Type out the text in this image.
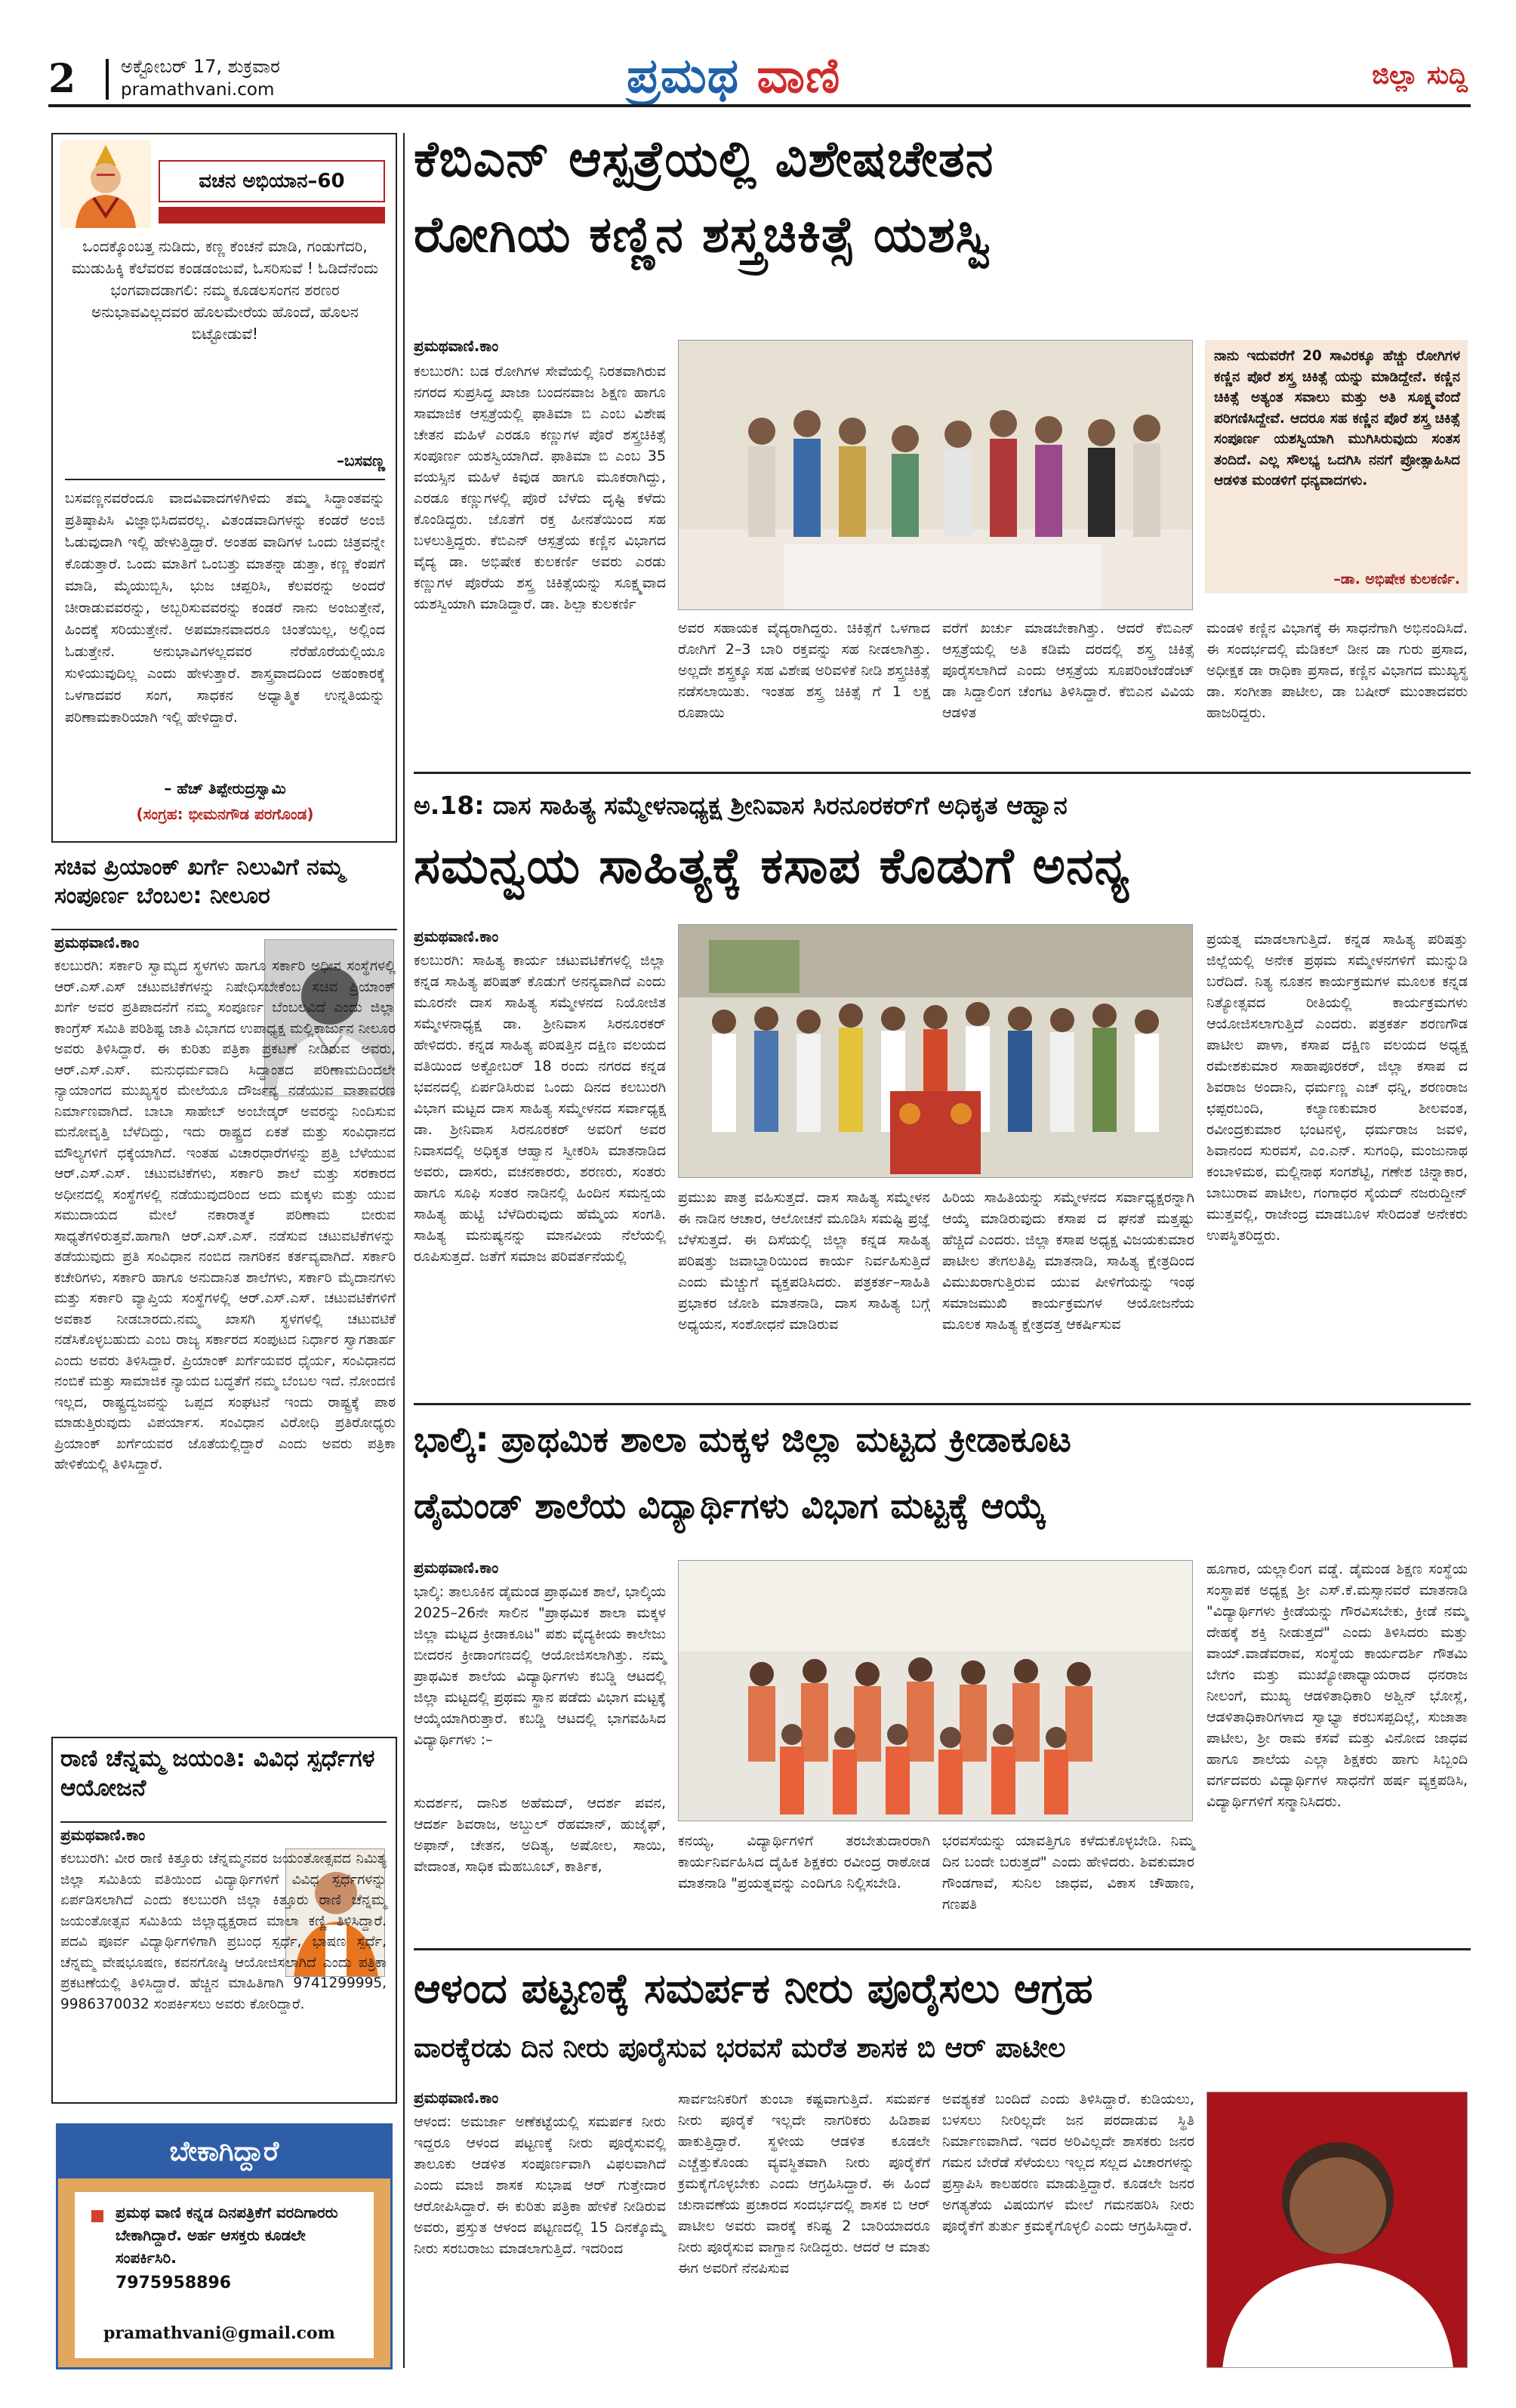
2 ಅಕ್ಟೋಬರ್ 17, ಶುಕ್ರವಾರ
pramathvani.com	ಪ್ರಮಥ ವಾಣಿ	ಜಿಲ್ಲಾ ಸುದ್ದಿ
ವಚನ ಅಭಿಯಾನ–60
ಒಂದಕ್ಕೊಂಬತ್ತ ನುಡಿದು, ಕಣ್ಣ ಕೆಂಚನೆ ಮಾಡಿ, ಗಂಡುಗೆದರಿ, ಮುಡುಹಿಕ್ಕಿ ಕೆಲೆವರವ ಕಂಡಡಂಜುವೆ, ಓಸರಿಸುವೆ ! ಓಡಿದೆನೆಂದು ಭಂಗವಾದಡಾಗಲಿ: ನಮ್ಮ ಕೂಡಲಸಂಗನ ಶರಣರ ಅನುಭಾವವಿಲ್ಲದವರ ಹೊಲಮೇರೆಯ ಹೊಂದೆ, ಹೊಲನ ಬಿಟ್ಟೋಡುವೆ!
–ಬಸವಣ್ಣ
ಬಸವಣ್ಣನವರೆಂದೂ ವಾದವಿವಾದಗಳಿಗಿಳಿದು ತಮ್ಮ ಸಿದ್ಧಾಂತವನ್ನು ಪ್ರತಿಷ್ಠಾಪಿಸಿ ವಿಜ್ಞಾಭಿಸಿದವರಲ್ಲ. ವಿತಂಡವಾದಿಗಳನ್ನು ಕಂಡರೆ ಅಂಜಿ ಓಡುವುದಾಗಿ ಇಲ್ಲಿ ಹೇಳುತ್ತಿದ್ದಾರೆ. ಅಂತಹ ವಾದಿಗಳ ಒಂದು ಚಿತ್ರವನ್ನೇ ಕೊಡುತ್ತಾರೆ. ಒಂದು ಮಾತಿಗೆ ಒಂಬತ್ತು ಮಾತನ್ನಾ ಡುತ್ತಾ, ಕಣ್ಣ ಕೆಂಪಗೆ ಮಾಡಿ, ಮೈಯುಬ್ಬಿಸಿ, ಭುಜ ಚಪ್ಪರಿಸಿ, ಕೆಲವರನ್ನು ಅಂದರೆ ಚೀರಾಡುವವರನ್ನು, ಅಬ್ಬರಿಸುವವರನ್ನು ಕಂಡರೆ ನಾನು ಅಂಜುತ್ತೇನೆ, ಹಿಂದಕ್ಕೆ ಸರಿಯುತ್ತೇನೆ. ಅಪಮಾನವಾದರೂ ಚಿಂತೆಯಿಲ್ಲ, ಅಲ್ಲಿಂದ ಓಡುತ್ತೇನೆ. ಅನುಭಾವಿಗಳಲ್ಲದವರ ನೆರೆಹೊರೆಯಲ್ಲಿಯೂ ಸುಳಿಯುವುದಿಲ್ಲ ಎಂದು ಹೇಳುತ್ತಾರೆ. ಶಾಸ್ತ್ರವಾದದಿಂದ ಅಹಂಕಾರಕ್ಕೆ ಒಳಗಾದವರ ಸಂಗ, ಸಾಧಕನ ಅಧ್ಯಾತ್ಮಿಕ ಉನ್ನತಿಯನ್ನು ಪರಿಣಾಮಕಾರಿಯಾಗಿ ಇಲ್ಲಿ ಹೇಳಿದ್ದಾರೆ.
– ಹೆಚ್ ತಿಪ್ಪೇರುದ್ರಸ್ವಾಮಿ
(ಸಂಗ್ರಹ: ಭೀಮನಗೌಡ ಪರಗೊಂಡ)
ಸಚಿವ ಪ್ರಿಯಾಂಕ್ ಖರ್ಗೆ ನಿಲುವಿಗೆ ನಮ್ಮ ಸಂಪೂರ್ಣ ಬೆಂಬಲ: ನೀಲೂರ
ಪ್ರಮಥವಾಣಿ.ಕಾಂ
ಕಲಬುರಗಿ: ಸರ್ಕಾರಿ ಸ್ವಾಮ್ಯದ ಸ್ಥಳಗಳು ಹಾಗೂ ಸರ್ಕಾರಿ ಅಧೀನ ಸಂಸ್ಥೆಗಳಲ್ಲಿ ಆರ್.ಎಸ್.ಎಸ್ ಚಟುವಟಿಕೆಗಳನ್ನು ನಿಷೇಧಿಸಬೇಕೆಂಬ ಸಚಿವ ಪ್ರಿಯಾಂಕ್ ಖರ್ಗೆ ಅವರ ಪ್ರತಿಪಾದನೆಗೆ ನಮ್ಮ ಸಂಪೂರ್ಣ ಬೆಂಬಲವಿದೆ ಎಂದು ಜಿಲ್ಲಾ ಕಾಂಗ್ರೆಸ್ ಸಮಿತಿ ಪರಿಶಿಷ್ಟ ಜಾತಿ ವಿಭಾಗದ ಉಪಾಧ್ಯಕ್ಷ ಮಲ್ಲಿಕಾರ್ಜುನ ನೀಲೂರ ಅವರು ತಿಳಿಸಿದ್ದಾರೆ. ಈ ಕುರಿತು ಪತ್ರಿಕಾ ಪ್ರಕಟಣೆ ನೀಡಿರುವ ಅವರು, ಆರ್.ಎಸ್.ಎಸ್. ಮನುಧರ್ಮವಾದಿ ಸಿದ್ಧಾಂತದ ಪರಿಣಾಮದಿಂದಲೇ ನ್ಯಾಯಾಂಗದ ಮುಖ್ಯಸ್ಥರ ಮೇಲೆಯೂ ದೌರ್ಜನ್ಯ ನಡೆಯುವ ವಾತಾವರಣ ನಿರ್ಮಾಣವಾಗಿದೆ. ಬಾಬಾ ಸಾಹೇಬ್ ಅಂಬೇಡ್ಕರ್ ಅವರನ್ನು ನಿಂದಿಸುವ ಮನೋವೃತ್ತಿ ಬೆಳೆದಿದ್ದು, ಇದು ರಾಷ್ಟ್ರದ ಏಕತೆ ಮತ್ತು ಸಂವಿಧಾನದ ಮೌಲ್ಯಗಳಿಗೆ ಧಕ್ಕೆಯಾಗಿದೆ. ಇಂತಹ ವಿಚಾರಧಾರೆಗಳನ್ನು ಪ್ರತ್ತಿ ಬೆಳೆಯುವ ಆರ್.ಎಸ್.ಎಸ್. ಚಟುವಟಿಕೆಗಳು, ಸರ್ಕಾರಿ ಶಾಲೆ ಮತ್ತು ಸರಕಾರದ ಅಧೀನದಲ್ಲಿ ಸಂಸ್ಥೆಗಳಲ್ಲಿ ನಡೆಯುವುದರಿಂದ ಅದು ಮಕ್ಕಳು ಮತ್ತು ಯುವ ಸಮುದಾಯದ ಮೇಲೆ ನಕಾರಾತ್ಮಕ ಪರಿಣಾಮ ಬೀರುವ ಸಾಧ್ಯತೆಗಳಿರುತ್ತವೆ.ಹಾಗಾಗಿ ಆರ್.ಎಸ್.ಎಸ್. ನಡೆಸುವ ಚಟುವಟಿಕೆಗಳನ್ನು ತಡೆಯುವುದು ಪ್ರತಿ ಸಂವಿಧಾನ ನಂಬಿದ ನಾಗರಿಕನ ಕರ್ತವ್ಯವಾಗಿದೆ. ಸರ್ಕಾರಿ ಕಚೇರಿಗಳು, ಸರ್ಕಾರಿ ಹಾಗೂ ಅನುದಾನಿತ ಶಾಲೆಗಳು, ಸರ್ಕಾರಿ ಮೈದಾನಗಳು ಮತ್ತು ಸರ್ಕಾರಿ ವ್ಯಾಪ್ತಿಯ ಸಂಸ್ಥೆಗಳಲ್ಲಿ ಆರ್.ಎಸ್.ಎಸ್. ಚಟುವಟಿಕೆಗಳಿಗೆ ಅವಕಾಶ ನೀಡಬಾರದು.ನಮ್ಮ ಖಾಸಗಿ ಸ್ಥಳಗಳಲ್ಲಿ ಚಟುವಟಿಕೆ ನಡೆಸಿಕೊಳ್ಳಬಹುದು ಎಂಬ ರಾಜ್ಯ ಸರ್ಕಾರದ ಸಂಪುಟದ ನಿರ್ಧಾರ ಸ್ವಾಗತಾರ್ಹ ಎಂದು ಅವರು ತಿಳಿಸಿದ್ದಾರೆ. ಪ್ರಿಯಾಂಕ್ ಖರ್ಗೆಯವರ ಧೈರ್ಯ, ಸಂವಿಧಾನದ ನಂಬಿಕೆ ಮತ್ತು ಸಾಮಾಜಿಕ ನ್ಯಾಯದ ಬದ್ಧತೆಗೆ ನಮ್ಮ ಬೆಂಬಲ ಇದೆ. ನೋಂದಣಿ ಇಲ್ಲದ, ರಾಷ್ಟ್ರದ್ವಜವನ್ನು ಒಪ್ಪದ ಸಂಘಟನೆ ಇಂದು ರಾಷ್ಟ್ರಕ್ಕೆ ಪಾಠ ಮಾಡುತ್ತಿರುವುದು ವಿಪರ್ಯಾಸ. ಸಂವಿಧಾನ ವಿರೋಧಿ ಪ್ರತಿರೋಧ್ಯರು ಪ್ರಿಯಾಂಕ್ ಖರ್ಗೆಯವರ ಜೊತೆಯಲ್ಲಿದ್ದಾರೆ ಎಂದು ಅವರು ಪತ್ರಿಕಾ ಹೇಳಿಕೆಯಲ್ಲಿ ತಿಳಿಸಿದ್ದಾರೆ.
ರಾಣಿ ಚೆನ್ನಮ್ಮ ಜಯಂತಿ: ವಿವಿಧ ಸ್ಪರ್ಧೆಗಳ ಆಯೋಜನೆ
ಪ್ರಮಥವಾಣಿ.ಕಾಂ
ಕಲಬುರಗಿ: ವೀರ ರಾಣಿ ಕಿತ್ತೂರು ಚೆನ್ನಮ್ಮನವರ ಜಯಂತೋತ್ಸವದ ನಿಮಿತ್ಯ ಜಿಲ್ಲಾ ಸಮಿತಿಯ ವತಿಯಿಂದ ವಿದ್ಯಾರ್ಥಿಗಳಿಗೆ ವಿವಿಧ ಸ್ಪರ್ಧೆಗಳನ್ನು ಏರ್ಪಡಿಸಲಾಗಿದೆ ಎಂದು ಕಲಬುರಗಿ ಜಿಲ್ಲಾ ಕಿತ್ತೂರು ರಾಣಿ ಚೆನ್ನಮ್ಮ ಜಯಂತೋತ್ಸವ ಸಮಿತಿಯ ಜಿಲ್ಲಾಧ್ಯಕ್ಷರಾದ ಮಾಲಾ ಕಣ್ಣಿ ತಿಳಿಸಿದ್ದಾರೆ. ಪದವಿ ಪೂರ್ವ ವಿದ್ಯಾರ್ಥಿಗಳಿಗಾಗಿ ಪ್ರಬಂಧ ಸ್ಪರ್ಧೆ, ಭಾಷಣ ಸ್ಪರ್ಧೆ, ಚೆನ್ನಮ್ಮ ವೇಷಭೂಷಣ, ಕವನಗೋಷ್ಠಿ ಆಯೋಜಿಸಲಾಗಿದೆ ಎಂದು ಪತ್ರಿಕಾ ಪ್ರಕಟಣೆಯಲ್ಲಿ ತಿಳಿಸಿದ್ದಾರೆ. ಹೆಚ್ಚಿನ ಮಾಹಿತಿಗಾಗಿ 9741299995, 9986370032 ಸಂಪರ್ಕಿಸಲು ಅವರು ಕೋರಿದ್ದಾರೆ.
ಬೇಕಾಗಿದ್ದಾರೆ
ಪ್ರಮಥ ವಾಣಿ ಕನ್ನಡ ದಿನಪತ್ರಿಕೆಗೆ ವರದಿಗಾರರು ಬೇಕಾಗಿದ್ದಾರೆ. ಅರ್ಹ ಆಸಕ್ತರು ಕೂಡಲೇ ಸಂಪರ್ಕಿಸಿರಿ.
7975958896
pramathvani@gmail.com
ಕೆಬಿಎನ್ ಆಸ್ಪತ್ರೆಯಲ್ಲಿ ವಿಶೇಷಚೇತನ
ರೋಗಿಯ ಕಣ್ಣಿನ ಶಸ್ತ್ರಚಿಕಿತ್ಸೆ ಯಶಸ್ವಿ
ಪ್ರಮಥವಾಣಿ.ಕಾಂ
ಕಲಬುರಗಿ: ಬಡ ರೋಗಿಗಳ ಸೇವೆಯಲ್ಲಿ ನಿರತವಾಗಿರುವ ನಗರದ ಸುಪ್ರಸಿದ್ಧ ಖಾಜಾ ಬಂದನವಾಜ ಶಿಕ್ಷಣ ಹಾಗೂ ಸಾಮಾಜಿಕ ಆಸ್ಪತ್ರೆಯಲ್ಲಿ ಫಾತಿಮಾ ಬಿ ಎಂಬ ವಿಶೇಷ ಚೇತನ ಮಹಿಳೆ ಎರಡೂ ಕಣ್ಣುಗಳ ಪೊರೆ ಶಸ್ತ್ರಚಿಕಿತ್ಸೆ ಸಂಪೂರ್ಣ ಯಶಸ್ವಿಯಾಗಿದೆ. ಫಾತಿಮಾ ಬಿ ಎಂಬ 35 ವಯಸ್ಸಿನ ಮಹಿಳೆ ಕಿವುಡ ಹಾಗೂ ಮೂಕರಾಗಿದ್ದು, ಎರಡೂ ಕಣ್ಣುಗಳಲ್ಲಿ ಪೊರೆ ಬೆಳೆದು ದೃಷ್ಟಿ ಕಳೆದು ಕೊಂಡಿದ್ದರು. ಜೊತೆಗೆ ರಕ್ತ ಹೀನತೆಯಿಂದ ಸಹ ಬಳಲುತ್ತಿದ್ದರು. ಕೆಬಿಎನ್ ಆಸ್ಪತ್ರೆಯ ಕಣ್ಣಿನ ವಿಭಾಗದ ವೈದ್ಯ ಡಾ. ಅಭಿಷೇಕ ಕುಲಕರ್ಣಿ ಅವರು ಎರಡು ಕಣ್ಣುಗಳ ಪೊರೆಯ ಶಸ್ತ್ರ ಚಿಕಿತ್ಸೆಯನ್ನು ಸೂಕ್ಷ್ಮವಾದ ಯಶಸ್ವಿಯಾಗಿ ಮಾಡಿದ್ದಾರೆ. ಡಾ. ಶಿಲ್ಪಾ ಕುಲಕರ್ಣಿ
ನಾನು ಇದುವರೆಗೆ 20 ಸಾವಿರಕ್ಕೂ ಹೆಚ್ಚು ರೋಗಿಗಳ ಕಣ್ಣಿನ ಪೊರೆ ಶಸ್ತ್ರ ಚಿಕಿತ್ಸೆ ಯನ್ನು ಮಾಡಿದ್ದೇನೆ. ಕಣ್ಣಿನ ಚಿಕಿತ್ಸೆ ಅತ್ಯಂತ ಸವಾಲು ಮತ್ತು ಅತಿ ಸೂಕ್ಷ್ಮವೆಂದೆ ಪರಿಗಣಿಸಿದ್ದೇವೆ. ಆದರೂ ಸಹ ಕಣ್ಣಿನ ಪೊರೆ ಶಸ್ತ್ರ ಚಿಕಿತ್ಸೆ ಸಂಪೂರ್ಣ ಯಶಸ್ವಿಯಾಗಿ ಮುಗಿಸಿರುವುದು ಸಂತಸ ತಂದಿದೆ. ಎಲ್ಲ ಸೌಲಭ್ಯ ಒದಗಿಸಿ ನನಗೆ ಪ್ರೋತ್ಸಾಹಿಸಿದ ಆಡಳಿತ ಮಂಡಳಿಗೆ ಧನ್ಯವಾದಗಳು.
–ಡಾ. ಅಭಿಷೇಕ ಕುಲಕರ್ಣಿ.
ಅವರ ಸಹಾಯಕ ವೈದ್ಯರಾಗಿದ್ದರು. ಚಿಕಿತ್ಸೆಗೆ ಒಳಗಾದ ರೋಗಿಗೆ 2–3 ಬಾರಿ ರಕ್ತವನ್ನು ಸಹ ನೀಡಲಾಗಿತ್ತು. ಅಲ್ಲದೇ ಶಸ್ತ್ರಕ್ಕೂ ಸಹ ವಿಶೇಷ ಅರಿವಳಿಕೆ ನೀಡಿ ಶಸ್ತ್ರಚಿಕಿತ್ಸೆ ನಡೆಸಲಾಯಿತು. ಇಂತಹ ಶಸ್ತ್ರ ಚಿಕಿತ್ಸೆ ಗೆ 1 ಲಕ್ಷ ರೂಪಾಯಿ
ವರೆಗೆ ಖರ್ಚು ಮಾಡಬೇಕಾಗಿತ್ತು. ಆದರೆ ಕೆಬಿಎನ್ ಆಸ್ಪತ್ರೆಯಲ್ಲಿ ಅತಿ ಕಡಿಮೆ ದರದಲ್ಲಿ ಶಸ್ತ್ರ ಚಿಕಿತ್ಸೆ ಪೂರೈಸಲಾಗಿದೆ ಎಂದು ಆಸ್ಪತ್ರೆಯ ಸೂಪರಿಂಟೆಂಡೆಂಟ್ ಡಾ ಸಿದ್ದಾಲಿಂಗ ಚೆಂಗಟ ತಿಳಿಸಿದ್ದಾರೆ. ಕೆಬಿಎನ ವಿವಿಯ ಆಡಳಿತ
ಮಂಡಳಿ ಕಣ್ಣಿನ ವಿಭಾಗಕ್ಕೆ ಈ ಸಾಧನೆಗಾಗಿ ಅಭಿನಂದಿಸಿದೆ. ಈ ಸಂದರ್ಭದಲ್ಲಿ ಮೆಡಿಕಲ್ ಡೀನ ಡಾ ಗುರು ಪ್ರಸಾದ, ಅಧೀಕ್ಷಕ ಡಾ ರಾಧಿಕಾ ಪ್ರಸಾದ, ಕಣ್ಣಿನ ವಿಭಾಗದ ಮುಖ್ಯಸ್ಥ ಡಾ. ಸಂಗೀತಾ ಪಾಟೀಲ, ಡಾ ಬಷೀರ್ ಮುಂತಾದವರು ಹಾಜರಿದ್ದರು.
ಅ.18: ದಾಸ ಸಾಹಿತ್ಯ ಸಮ್ಮೇಳನಾಧ್ಯಕ್ಷ ಶ್ರೀನಿವಾಸ ಸಿರನೂರಕರ್‌ಗೆ ಅಧಿಕೃತ ಆಹ್ವಾನ
ಸಮನ್ವಯ ಸಾಹಿತ್ಯಕ್ಕೆ ಕಸಾಪ ಕೊಡುಗೆ ಅನನ್ಯ
ಪ್ರಮಥವಾಣಿ.ಕಾಂ
ಕಲಬುರಗಿ: ಸಾಹಿತ್ಯ ಕಾರ್ಯ ಚಟುವಟಿಕೆಗಳಲ್ಲಿ ಜಿಲ್ಲಾ ಕನ್ನಡ ಸಾಹಿತ್ಯ ಪರಿಷತ್ ಕೊಡುಗೆ ಅನನ್ಯವಾಗಿದೆ ಎಂದು ಮೂರನೇ ದಾಸ ಸಾಹಿತ್ಯ ಸಮ್ಮೇಳನದ ನಿಯೋಜಿತ ಸಮ್ಮೇಳನಾಧ್ಯಕ್ಷ ಡಾ. ಶ್ರೀನಿವಾಸ ಸಿರನೂರಕರ್ ಹೇಳಿದರು. ಕನ್ನಡ ಸಾಹಿತ್ಯ ಪರಿಷತ್ತಿನ ದಕ್ಷಿಣ ವಲಯದ ವತಿಯಿಂದ ಅಕ್ಟೋಬರ್ 18 ರಂದು ನಗರದ ಕನ್ನಡ ಭವನದಲ್ಲಿ ಏರ್ಪಡಿಸಿರುವ ಒಂದು ದಿನದ ಕಲಬುರಗಿ ವಿಭಾಗ ಮಟ್ಟದ ದಾಸ ಸಾಹಿತ್ಯ ಸಮ್ಮೇಳನದ ಸರ್ವಾಧ್ಯಕ್ಷ ಡಾ. ಶ್ರೀನಿವಾಸ ಸಿರನೂರಕರ್ ಅವರಿಗೆ ಅವರ ನಿವಾಸದಲ್ಲಿ ಅಧಿಕೃತ ಆಹ್ವಾನ ಸ್ವೀಕರಿಸಿ ಮಾತನಾಡಿದ ಅವರು, ದಾಸರು, ವಚನಕಾರರು, ಶರಣರು, ಸಂತರು ಹಾಗೂ ಸೂಫಿ ಸಂತರ ನಾಡಿನಲ್ಲಿ ಹಿಂದಿನ ಸಮನ್ವಯ ಸಾಹಿತ್ಯ ಹುಟ್ಟಿ ಬೆಳೆದಿರುವುದು ಹೆಮ್ಮೆಯ ಸಂಗತಿ. ಸಾಹಿತ್ಯ ಮನುಷ್ಯನನ್ನು ಮಾನವೀಯ ನೆಲೆಯಲ್ಲಿ ರೂಪಿಸುತ್ತದೆ. ಜತೆಗೆ ಸಮಾಜ ಪರಿವರ್ತನೆಯಲ್ಲಿ
ಪ್ರಮುಖ ಪಾತ್ರ ವಹಿಸುತ್ತದೆ. ದಾಸ ಸಾಹಿತ್ಯ ಸಮ್ಮೇಳನ ಈ ನಾಡಿನ ಆಚಾರ, ಆಲೋಚನೆ ಮೂಡಿಸಿ ಸಮಷ್ಟಿ ಪ್ರಜ್ಞೆ ಬೆಳೆಸುತ್ತದೆ. ಈ ದಿಸೆಯಲ್ಲಿ ಜಿಲ್ಲಾ ಕನ್ನಡ ಸಾಹಿತ್ಯ ಪರಿಷತ್ತು ಜವಾಬ್ದಾರಿಯಿಂದ ಕಾರ್ಯ ನಿರ್ವಹಿಸುತ್ತಿದೆ ಎಂದು ಮೆಚ್ಚುಗೆ ವ್ಯಕ್ತಪಡಿಸಿದರು. ಪತ್ರಕರ್ತ–ಸಾಹಿತಿ ಪ್ರಭಾಕರ ಜೋಶಿ ಮಾತನಾಡಿ, ದಾಸ ಸಾಹಿತ್ಯ ಬಗ್ಗೆ ಅಧ್ಯಯನ, ಸಂಶೋಧನೆ ಮಾಡಿರುವ
ಹಿರಿಯ ಸಾಹಿತಿಯನ್ನು ಸಮ್ಮೇಳನದ ಸರ್ವಾಧ್ಯಕ್ಷರನ್ನಾಗಿ ಆಯ್ಕೆ ಮಾಡಿರುವುದು ಕಸಾಪ ದ ಘನತೆ ಮತ್ತಷ್ಟು ಹೆಚ್ಚಿದೆ ಎಂದರು. ಜಿಲ್ಲಾ ಕಸಾಪ ಅಧ್ಯಕ್ಷ ವಿಜಯಕುಮಾರ ಪಾಟೀಲ ತೇಗಲತಿಪ್ಪಿ ಮಾತನಾಡಿ, ಸಾಹಿತ್ಯ ಕ್ಷೇತ್ರದಿಂದ ವಿಮುಖರಾಗುತ್ತಿರುವ ಯುವ ಪೀಳಿಗೆಯನ್ನು ಇಂಥ ಸಮಾಜಮುಖಿ ಕಾರ್ಯಕ್ರಮಗಳ ಆಯೋಜನೆಯ ಮೂಲಕ ಸಾಹಿತ್ಯ ಕ್ಷೇತ್ರದತ್ತ ಆಕರ್ಷಿಸುವ
ಪ್ರಯತ್ನ ಮಾಡಲಾಗುತ್ತಿದೆ. ಕನ್ನಡ ಸಾಹಿತ್ಯ ಪರಿಷತ್ತು ಜಿಲ್ಲೆಯಲ್ಲಿ ಅನೇಕ ಪ್ರಥಮ ಸಮ್ಮೇಳನಗಳಿಗೆ ಮುನ್ನುಡಿ ಬರೆದಿದೆ. ನಿತ್ಯ ನೂತನ ಕಾರ್ಯಕ್ರಮಗಳ ಮೂಲಕ ಕನ್ನಡ ನಿತ್ಯೋತ್ಸವದ ರೀತಿಯಲ್ಲಿ ಕಾರ್ಯಕ್ರಮಗಳು ಆಯೋಜಿಸಲಾಗುತ್ತಿದೆ ಎಂದರು. ಪತ್ರಕರ್ತ ಶರಣಗೌಡ ಪಾಟೀಲ ಪಾಳಾ, ಕಸಾಪ ದಕ್ಷಿಣ ವಲಯದ ಅಧ್ಯಕ್ಷ ರಮೇಶಕುಮಾರ ಸಾಹಾಪೂರಕರ್, ಜಿಲ್ಲಾ ಕಸಾಪ ದ ಶಿವರಾಜ ಅಂದಾನಿ, ಧರ್ಮಣ್ಣ ಎಚ್ ಧನ್ನಿ, ಶರಣರಾಜ ಛಪ್ಪರಬಂದಿ, ಕಲ್ಯಾಣಕುಮಾರ ಶೀಲವಂತ, ರವೀಂದ್ರಕುಮಾರ ಭಂಟನಳ್ಳಿ, ಧರ್ಮರಾಜ ಜವಳಿ, ಶಿವಾನಂದ ಸುರವಸೆ, ಎಂ.ಎನ್. ಸುಗಂಧಿ, ಮಂಜುನಾಥ ಕಂಬಾಳಿಮಠ, ಮಲ್ಲಿನಾಥ ಸಂಗಶೆಟ್ಟಿ, ಗಣೇಶ ಚಿನ್ನಾಕಾರ, ಬಾಬುರಾವ ಪಾಟೀಲ, ಗಂಗಾಧರ ಸೈಯದ್ ನಜರುದ್ದೀನ್ ಮುತ್ತವಲ್ಲಿ, ರಾಜೇಂದ್ರ ಮಾಡಬೂಳ ಸೇರಿದಂತೆ ಅನೇಕರು ಉಪಸ್ಥಿತರಿದ್ದರು.
ಭಾಲ್ಕಿ: ಪ್ರಾಥಮಿಕ ಶಾಲಾ ಮಕ್ಕಳ ಜಿಲ್ಲಾ ಮಟ್ಟದ ಕ್ರೀಡಾಕೂಟ
ಡೈಮಂಡ್ ಶಾಲೆಯ ವಿದ್ಯಾರ್ಥಿಗಳು ವಿಭಾಗ ಮಟ್ಟಕ್ಕೆ ಆಯ್ಕೆ
ಪ್ರಮಥವಾಣಿ.ಕಾಂ
ಭಾಲ್ಕಿ: ತಾಲೂಕಿನ ಡೈಮಂಡ ಪ್ರಾಥಮಿಕ ಶಾಲೆ, ಭಾಲ್ಕಿಯ 2025–26ನೇ ಸಾಲಿನ "ಪ್ರಾಥಮಿಕ ಶಾಲಾ ಮಕ್ಕಳ ಜಿಲ್ಲಾ ಮಟ್ಟದ ಕ್ರೀಡಾಕೂಟ" ಪಶು ವೈದ್ಯಕೀಯ ಕಾಲೇಜು ಬೀದರನ ಕ್ರೀಡಾಂಗಣದಲ್ಲಿ ಆಯೋಜಿಸಲಾಗಿತ್ತು. ನಮ್ಮ ಪ್ರಾಥಮಿಕ ಶಾಲೆಯ ವಿದ್ಯಾರ್ಥಿಗಳು ಕಬಡ್ಡಿ ಆಟದಲ್ಲಿ ಜಿಲ್ಲಾ ಮಟ್ಟದಲ್ಲಿ ಪ್ರಥಮ ಸ್ಥಾನ ಪಡೆದು ವಿಭಾಗ ಮಟ್ಟಕ್ಕೆ ಆಯ್ಕೆಯಾಗಿರುತ್ತಾರೆ. ಕಬಡ್ಡಿ ಆಟದಲ್ಲಿ ಭಾಗವಹಿಸಿದ ವಿದ್ಯಾರ್ಥಿಗಳು :–
ಸುದರ್ಶನ, ದಾನಿಶ ಅಹೆಮದ್, ಆದರ್ಶ ಪವನ, ಆದರ್ಶ ಶಿವರಾಜ, ಅಬ್ದುಲ್ ರೆಹಮಾನ್, ಹುಜೈಫ್, ಅಫಾನ್, ಚೇತನ, ಅದಿತ್ಯ, ಅಷೋಲ, ಸಾಯಿ, ವೇದಾಂತ, ಸಾಧಿಕ ಮೆಹಬೂಬ್, ಕಾರ್ತಿಕ,
ಕನಯ್ಯ, ವಿದ್ಯಾರ್ಥಿಗಳಿಗೆ ತರಬೇತುದಾರರಾಗಿ ಕಾರ್ಯನಿರ್ವಹಿಸಿದ ದೈಹಿಕ ಶಿಕ್ಷಕರು ರವೀಂದ್ರ ರಾಠೋಡ ಮಾತನಾಡಿ "ಪ್ರಯತ್ನವನ್ನು ಎಂದಿಗೂ ನಿಲ್ಲಿಸಬೇಡಿ.
ಭರವಸೆಯನ್ನು ಯಾವತ್ತಿಗೂ ಕಳೆದುಕೊಳ್ಳಬೇಡಿ. ನಿಮ್ಮ ದಿನ ಬಂದೇ ಬರುತ್ತದೆ" ಎಂದು ಹೇಳಿದರು. ಶಿವಕುಮಾರ ಗೌಂಡಗಾವೆ, ಸುನಿಲ ಜಾಧವ, ವಿಕಾಸ ಚೌಹಾಣ, ಗಣಪತಿ
ಹೂಗಾರ, ಯಲ್ಲಾಲಿಂಗ ವಡ್ಡೆ. ಡೈಮಂಡ ಶಿಕ್ಷಣ ಸಂಸ್ಥೆಯ ಸಂಸ್ಥಾಪಕ ಅಧ್ಯಕ್ಷ ಶ್ರೀ ಎಸ್.ಕೆ.ಮಸ್ಸಾನವರೆ ಮಾತನಾಡಿ "ವಿದ್ಯಾರ್ಥಿಗಳು ಕ್ರೀಡೆಯನ್ನು ಗೌರವಿಸಬೇಕು, ಕ್ರೀಡೆ ನಮ್ಮ ದೇಹಕ್ಕೆ ಶಕ್ತಿ ನೀಡುತ್ತದೆ" ಎಂದು ತಿಳಿಸಿದರು ಮತ್ತು ವಾಯ್.ವಾಡೆವರಾವ, ಸಂಸ್ಥೆಯ ಕಾರ್ಯದರ್ಶಿ ಗೌತಮಿ ಬೇಗಂ ಮತ್ತು ಮುಖ್ಯೋಪಾಧ್ಯಾಯರಾದ ಧನರಾಜ ನೀಲಂಗೆ, ಮುಖ್ಯ ಆಡಳಿತಾಧಿಕಾರಿ ಅಶ್ವಿನ್ ಭೋಸ್ಲೆ, ಆಡಳಿತಾಧಿಕಾರಿಗಳಾದ ಸ್ವಾಭ್ಯಾ ಕರಬಸಪ್ಪದಿಲ್ಲೆ, ಸುಜಾತಾ ಪಾಟೀಲ, ಶ್ರೀ ರಾಮ ಕಸವೆ ಮತ್ತು ವಿನೋದ ಜಾಧವ ಹಾಗೂ ಶಾಲೆಯ ಎಲ್ಲಾ ಶಿಕ್ಷಕರು ಹಾಗು ಸಿಬ್ಬಂದಿ ವರ್ಗದವರು ವಿದ್ಯಾರ್ಥಿಗಳ ಸಾಧನೆಗೆ ಹರ್ಷ ವ್ಯಕ್ತಪಡಿಸಿ, ವಿದ್ಯಾರ್ಥಿಗಳಿಗೆ ಸನ್ಮಾನಿಸಿದರು.
ಆಳಂದ ಪಟ್ಟಣಕ್ಕೆ ಸಮರ್ಪಕ ನೀರು ಪೂರೈಸಲು ಆಗ್ರಹ
ವಾರಕ್ಕೆರಡು ದಿನ ನೀರು ಪೂರೈಸುವ ಭರವಸೆ ಮರೆತ ಶಾಸಕ ಬಿ ಆರ್ ಪಾಟೀಲ
ಪ್ರಮಥವಾಣಿ.ಕಾಂ
ಆಳಂದ: ಅಮರ್ಜಾ ಅಣೆಕಟ್ಟೆಯಲ್ಲಿ ಸಮರ್ಪಕ ನೀರು ಇದ್ದರೂ ಆಳಂದ ಪಟ್ಟಣಕ್ಕೆ ನೀರು ಪೂರೈಸುವಲ್ಲಿ ತಾಲೂಕು ಆಡಳಿತ ಸಂಪೂರ್ಣವಾಗಿ ವಿಫಲವಾಗಿದೆ ಎಂದು ಮಾಜಿ ಶಾಸಕ ಸುಭಾಷ ಆರ್ ಗುತ್ತೇದಾರ ಆರೋಪಿಸಿದ್ದಾರೆ. ಈ ಕುರಿತು ಪತ್ರಿಕಾ ಹೇಳಿಕೆ ನೀಡಿರುವ ಅವರು, ಪ್ರಸ್ತುತ ಆಳಂದ ಪಟ್ಟಣದಲ್ಲಿ 15 ದಿನಕ್ಕೊಮ್ಮೆ ನೀರು ಸರಬರಾಜು ಮಾಡಲಾಗುತ್ತಿದೆ. ಇದರಿಂದ
ಸಾರ್ವಜನಿಕರಿಗೆ ತುಂಬಾ ಕಷ್ಟವಾಗುತ್ತಿದೆ. ಸಮರ್ಪಕ ನೀರು ಪೂರೈಕೆ ಇಲ್ಲದೇ ನಾಗರಿಕರು ಹಿಡಿಶಾಪ ಹಾಕುತ್ತಿದ್ದಾರೆ. ಸ್ಥಳೀಯ ಆಡಳಿತ ಕೂಡಲೇ ಎಚ್ಚೆತ್ತುಕೊಂಡು ವ್ಯವಸ್ಥಿತವಾಗಿ ನೀರು ಪೂರೈಕೆಗೆ ಕ್ರಮಕೈಗೊಳ್ಳಬೇಕು ಎಂದು ಆಗ್ರಹಿಸಿದ್ದಾರೆ. ಈ ಹಿಂದೆ ಚುನಾವಣೆಯ ಪ್ರಚಾರದ ಸಂದರ್ಭದಲ್ಲಿ ಶಾಸಕ ಬಿ ಆರ್ ಪಾಟೀಲ ಅವರು ವಾರಕ್ಕೆ ಕನಿಷ್ಟ 2 ಬಾರಿಯಾದರೂ ನೀರು ಪೂರೈಸುವ ವಾಗ್ದಾನ ನೀಡಿದ್ದರು. ಆದರೆ ಆ ಮಾತು ಈಗ ಅವರಿಗೆ ನೆನಪಿಸುವ
ಅವಶ್ಯಕತೆ ಬಂದಿದೆ ಎಂದು ತಿಳಿಸಿದ್ದಾರೆ. ಕುಡಿಯಲು, ಬಳಸಲು ನೀರಿಲ್ಲದೇ ಜನ ಪರದಾಡುವ ಸ್ಥಿತಿ ನಿರ್ಮಾಣವಾಗಿದೆ. ಇದರ ಅರಿವಿಲ್ಲದೇ ಶಾಸಕರು ಜನರ ಗಮನ ಬೇರೆಡೆ ಸೆಳೆಯಲು ಇಲ್ಲದ ಸಲ್ಲದ ವಿಚಾರಗಳನ್ನು ಪ್ರಸ್ತಾಪಿಸಿ ಕಾಲಹರಣ ಮಾಡುತ್ತಿದ್ದಾರೆ. ಕೂಡಲೇ ಜನರ ಅಗತ್ಯತೆಯ ವಿಷಯಗಳ ಮೇಲೆ ಗಮನಹರಿಸಿ ನೀರು ಪೂರೈಕೆಗೆ ತುರ್ತು ಕ್ರಮಕೈಗೊಳ್ಳಲಿ ಎಂದು ಆಗ್ರಹಿಸಿದ್ದಾರೆ.
